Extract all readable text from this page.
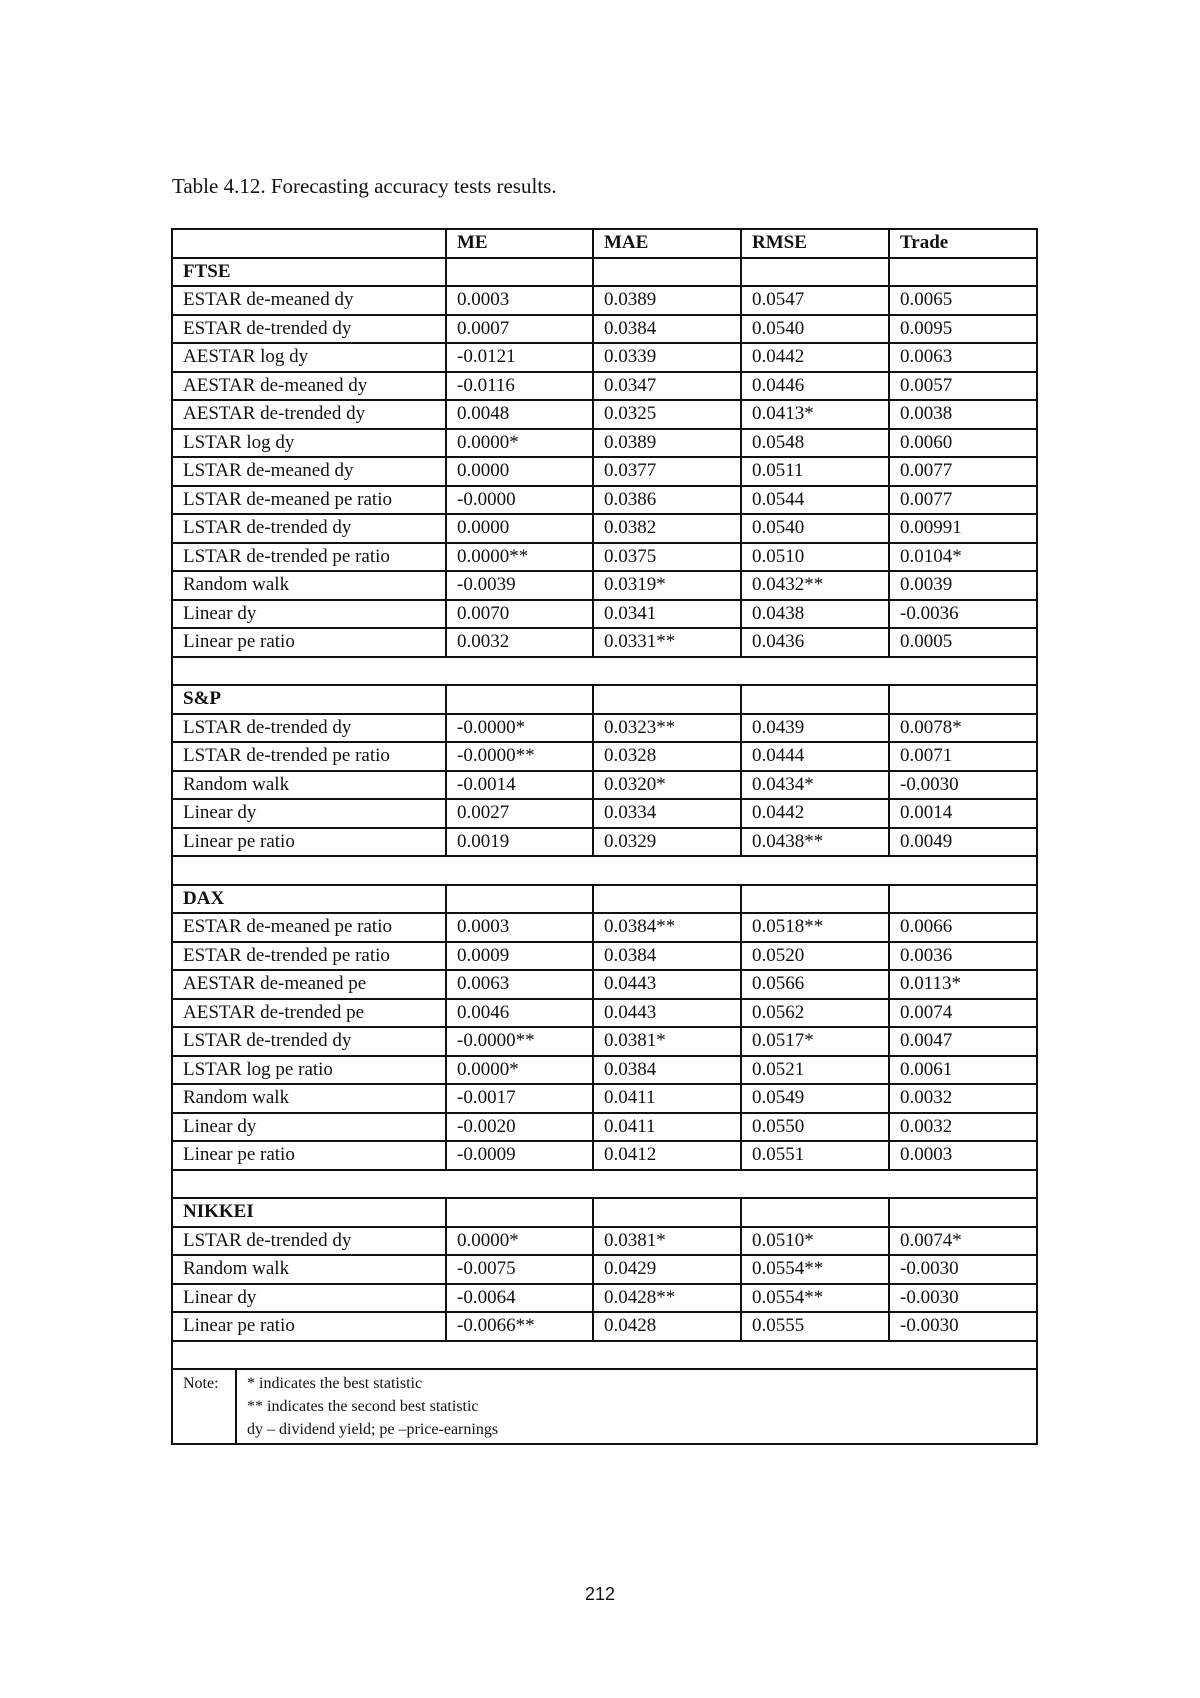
Table 4.12. Forecasting accuracy tests results.
	ME	MAE	RMSE	Trade
FTSE				
ESTAR de-meaned dy	0.0003	0.0389	0.0547	0.0065
ESTAR de-trended dy	0.0007	0.0384	0.0540	0.0095
AESTAR log dy	-0.0121	0.0339	0.0442	0.0063
AESTAR de-meaned dy	-0.0116	0.0347	0.0446	0.0057
AESTAR de-trended dy	0.0048	0.0325	0.0413*	0.0038
LSTAR log dy	0.0000*	0.0389	0.0548	0.0060
LSTAR de-meaned dy	0.0000	0.0377	0.0511	0.0077
LSTAR de-meaned pe ratio	-0.0000	0.0386	0.0544	0.0077
LSTAR de-trended dy	0.0000	0.0382	0.0540	0.00991
LSTAR de-trended pe ratio	0.0000**	0.0375	0.0510	0.0104*
Random walk	-0.0039	0.0319*	0.0432**	0.0039
Linear dy	0.0070	0.0341	0.0438	-0.0036
Linear pe ratio	0.0032	0.0331**	0.0436	0.0005

S&P				
LSTAR de-trended dy	-0.0000*	0.0323**	0.0439	0.0078*
LSTAR de-trended pe ratio	-0.0000**	0.0328	0.0444	0.0071
Random walk	-0.0014	0.0320*	0.0434*	-0.0030
Linear dy	0.0027	0.0334	0.0442	0.0014
Linear pe ratio	0.0019	0.0329	0.0438**	0.0049

DAX				
ESTAR de-meaned pe ratio	0.0003	0.0384**	0.0518**	0.0066
ESTAR de-trended pe ratio	0.0009	0.0384	0.0520	0.0036
AESTAR de-meaned pe	0.0063	0.0443	0.0566	0.0113*
AESTAR de-trended pe	0.0046	0.0443	0.0562	0.0074
LSTAR de-trended dy	-0.0000**	0.0381*	0.0517*	0.0047
LSTAR log pe ratio	0.0000*	0.0384	0.0521	0.0061
Random walk	-0.0017	0.0411	0.0549	0.0032
Linear dy	-0.0020	0.0411	0.0550	0.0032
Linear pe ratio	-0.0009	0.0412	0.0551	0.0003

NIKKEI				
LSTAR de-trended dy	0.0000*	0.0381*	0.0510*	0.0074*
Random walk	-0.0075	0.0429	0.0554**	-0.0030
Linear dy	-0.0064	0.0428**	0.0554**	-0.0030
Linear pe ratio	-0.0066**	0.0428	0.0555	-0.0030

Note: * indicates the best statistic
** indicates the second best statistic
dy – dividend yield; pe –price-earnings				
212
